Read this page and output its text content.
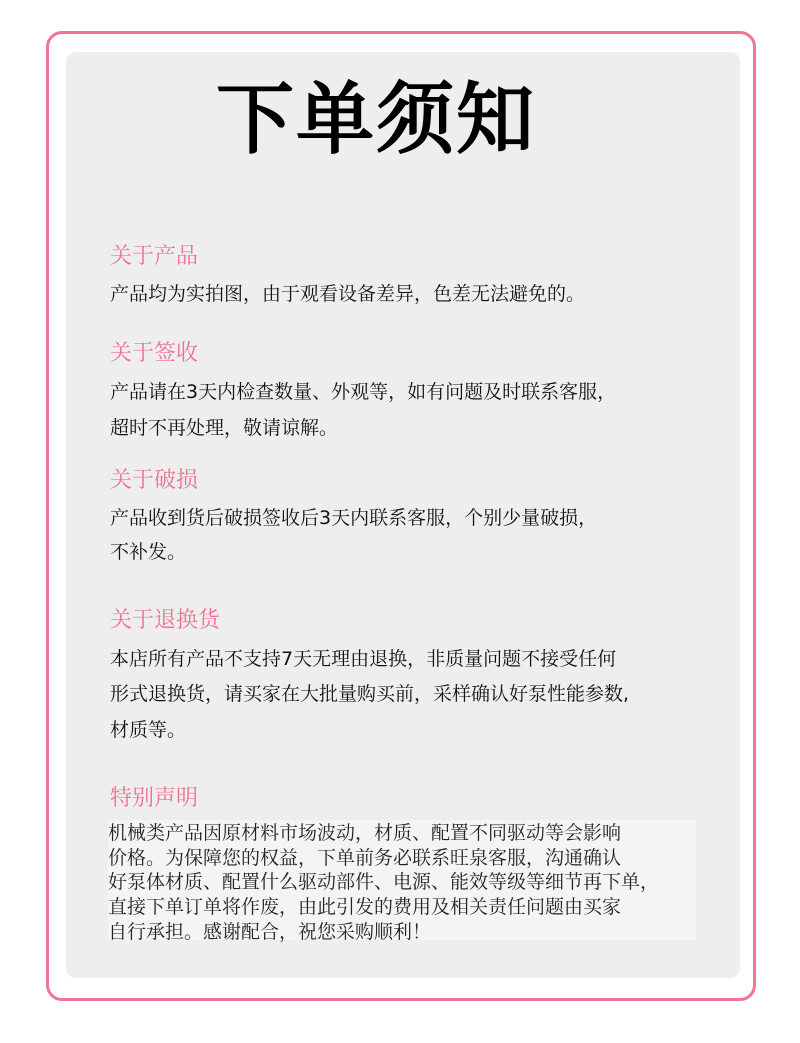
下单须知
关于产品
产品均为实拍图，由于观看设备差异，色差无法避免的。
关于签收
产品请在3天内检查数量、外观等，如有问题及时联系客服，
超时不再处理，敬请谅解。
关于破损
产品收到货后破损签收后3天内联系客服，个别少量破损，
不补发。
关于退换货
本店所有产品不支持7天无理由退换，非质量问题不接受任何
形式退换货，请买家在大批量购买前，采样确认好泵性能参数,
材质等。
特别声明
机械类产品因原材料市场波动，材质、配置不同驱动等会影响
价格。为保障您的权益，下单前务必联系旺泉客服，沟通确认
好泵体材质、配置什么驱动部件、电源、能效等级等细节再下单，
直接下单订单将作废，由此引发的费用及相关责任问题由买家
自行承担。感谢配合，祝您采购顺利！
